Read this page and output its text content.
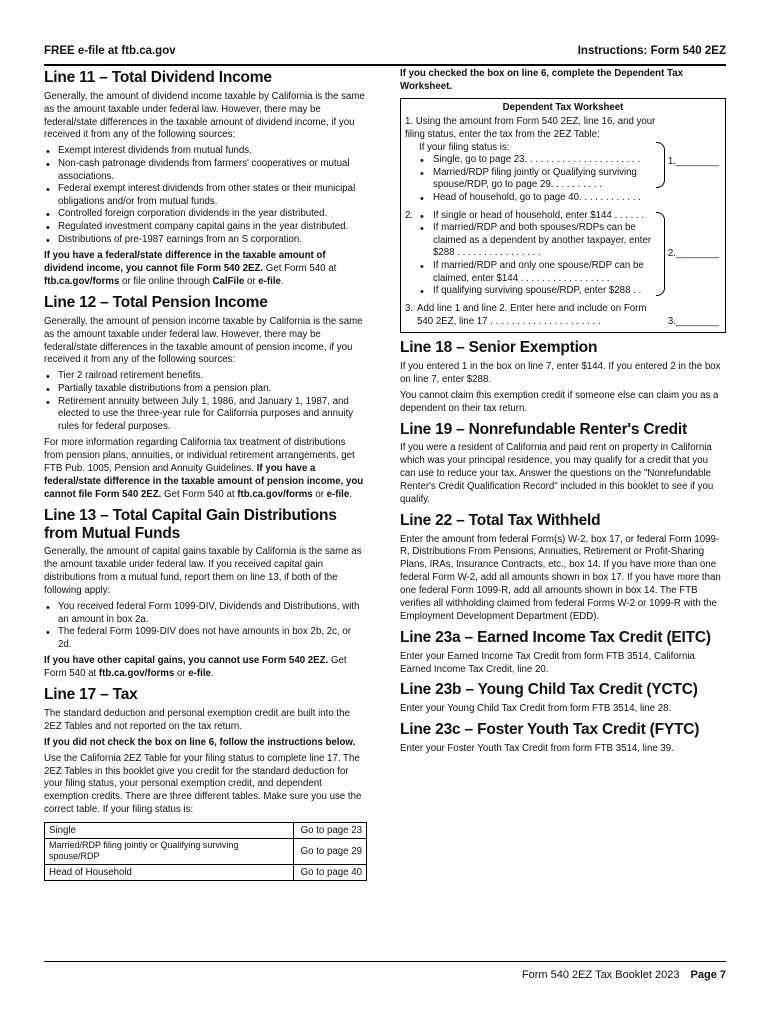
FREE e-file at ftb.ca.gov	Instructions: Form 540 2EZ
Line 11 – Total Dividend Income

Generally, the amount of dividend income taxable by California is the same as the amount taxable under federal law. However, there may be federal/state differences in the taxable amount of dividend income, if you received it from any of the following sources:

• Exempt interest dividends from mutual funds.
• Non-cash patronage dividends from farmers' cooperatives or mutual associations.
• Federal exempt interest dividends from other states or their municipal obligations and/or from mutual funds.
• Controlled foreign corporation dividends in the year distributed.
• Regulated investment company capital gains in the year distributed.
• Distributions of pre-1987 earnings from an S corporation.

If you have a federal/state difference in the taxable amount of dividend income, you cannot file Form 540 2EZ. Get Form 540 at ftb.ca.gov/forms or file online through CalFile or e-file.

Line 12 – Total Pension Income

Generally, the amount of pension income taxable by California is the same as the amount taxable under federal law. However, there may be federal/state differences in the taxable amount of pension income, if you received it from any of the following sources:

• Tier 2 railroad retirement benefits.
• Partially taxable distributions from a pension plan.
• Retirement annuity between July 1, 1986, and January 1, 1987, and elected to use the three-year rule for California purposes and annuity rules for federal purposes.

For more information regarding California tax treatment of distributions from pension plans, annuities, or individual retirement arrangements, get FTB Pub. 1005, Pension and Annuity Guidelines. If you have a federal/state difference in the taxable amount of pension income, you cannot file Form 540 2EZ. Get Form 540 at ftb.ca.gov/forms or e-file.

Line 13 – Total Capital Gain Distributions from Mutual Funds

Generally, the amount of capital gains taxable by California is the same as the amount taxable under federal law. If you received capital gain distributions from a mutual fund, report them on line 13, if both of the following apply:

• You received federal Form 1099-DIV, Dividends and Distributions, with an amount in box 2a.
• The federal Form 1099-DIV does not have amounts in box 2b, 2c, or 2d.

If you have other capital gains, you cannot use Form 540 2EZ. Get Form 540 at ftb.ca.gov/forms or e-file.

Line 17 – Tax

The standard deduction and personal exemption credit are built into the 2EZ Tables and not reported on the tax return.

If you did not check the box on line 6, follow the instructions below.

Use the California 2EZ Table for your filing status to complete line 17. The 2EZ Tables in this booklet give you credit for the standard deduction for your filing status, your personal exemption credit, and dependent exemption credits. There are three different tables. Make sure you use the correct table. If your filing status is:

Single	Go to page 23
Married/RDP filing jointly or Qualifying surviving spouse/RDP	Go to page 29
Head of Household	Go to page 40

If you checked the box on line 6, complete the Dependent Tax Worksheet.

Dependent Tax Worksheet
1. Using the amount from Form 540 2EZ, line 16, and your filing status, enter the tax from the 2EZ Table:
If your filing status is:
• Single, go to page 23. . . . . . . . . . . . . . . . . . . . . .
• Married/RDP filing jointly or Qualifying surviving spouse/RDP, go to page 29. . . . . . . . . .
• Head of household, go to page 40. . . . . . . . . . . .
1.________
2.	• If single or head of household, enter $144 . . . . . .
• If married/RDP and both spouses/RDPs can be claimed as a dependent by another taxpayer, enter $288 . . . . . . . . . . . . . . . .
• If married/RDP and only one spouse/RDP can be claimed, enter $144 . . . . . . . . . . . . . . . . .
• If qualifying surviving spouse/RDP, enter $288 . .
2.________
3. Add line 1 and line 2. Enter here and include on Form 540 2EZ, line 17 . . . . . . . . . . . . . . . . . . . . .	3.________
Line 18 – Senior Exemption

If you entered 1 in the box on line 7, enter $144. If you entered 2 in the box on line 7, enter $288.

You cannot claim this exemption credit if someone else can claim you as a dependent on their tax return.

Line 19 – Nonrefundable Renter's Credit

If you were a resident of California and paid rent on property in California which was your principal residence, you may qualify for a credit that you can use to reduce your tax. Answer the questions on the "Nonrefundable Renter's Credit Qualification Record" included in this booklet to see if you qualify.

Line 22 – Total Tax Withheld

Enter the amount from federal Form(s) W-2, box 17, or federal Form 1099-R, Distributions From Pensions, Annuities, Retirement or Profit-Sharing Plans, IRAs, Insurance Contracts, etc., box 14. If you have more than one federal Form W-2, add all amounts shown in box 17. If you have more than one federal Form 1099-R, add all amounts shown in box 14. The FTB verifies all withholding claimed from federal Forms W-2 or 1099-R with the Employment Development Department (EDD).

Line 23a – Earned Income Tax Credit (EITC)

Enter your Earned Income Tax Credit from form FTB 3514, California Earned Income Tax Credit, line 20.

Line 23b – Young Child Tax Credit (YCTC)

Enter your Young Child Tax Credit from form FTB 3514, line 28.

Line 23c – Foster Youth Tax Credit (FYTC)

Enter your Foster Youth Tax Credit from form FTB 3514, line 39.

Form 540 2EZ Tax Booklet 2023 Page 7
